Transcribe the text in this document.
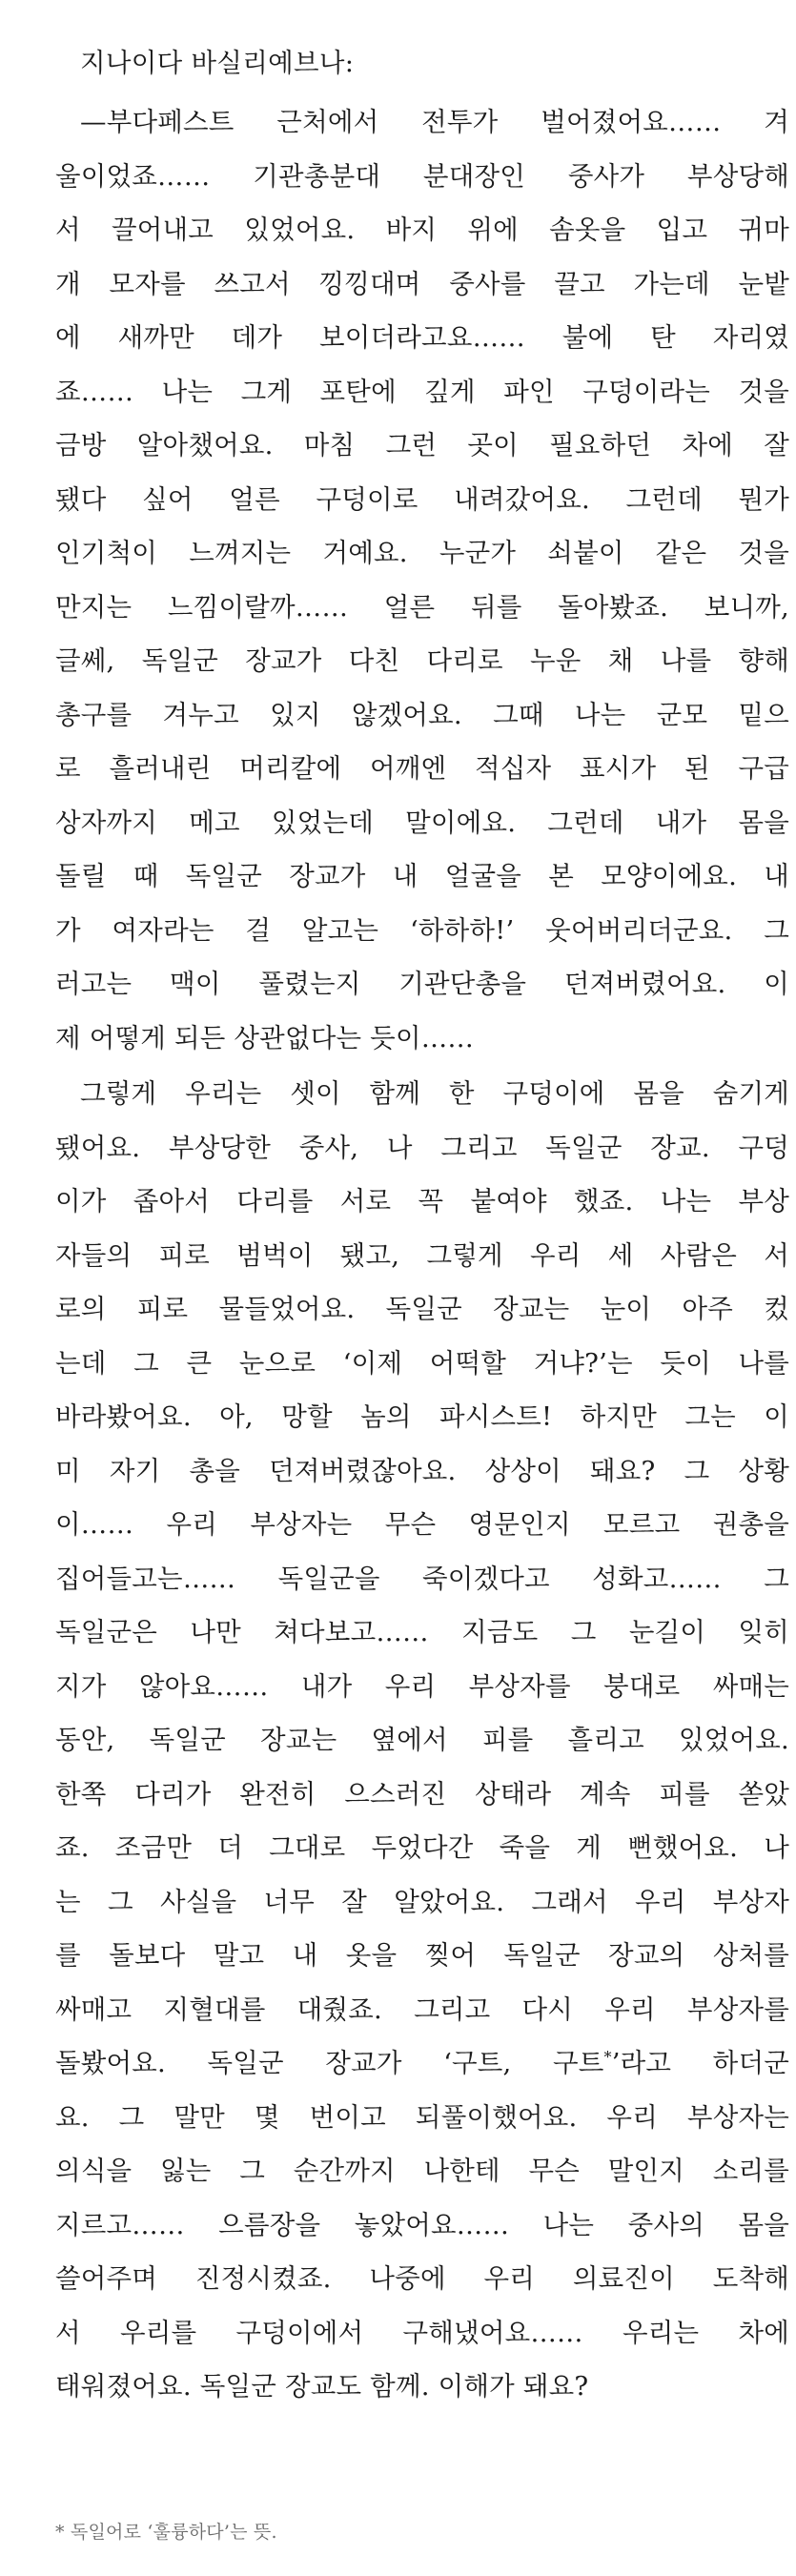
지나이다 바실리예브나:

—부다페스트 근처에서 전투가 벌어졌어요…… 겨
울이었죠…… 기관총분대 분대장인 중사가 부상당해
서 끌어내고 있었어요. 바지 위에 솜옷을 입고 귀마
개 모자를 쓰고서 낑낑대며 중사를 끌고 가는데 눈밭
에 새까만 데가 보이더라고요…… 불에 탄 자리였
죠…… 나는 그게 포탄에 깊게 파인 구덩이라는 것을
금방 알아챘어요. 마침 그런 곳이 필요하던 차에 잘
됐다 싶어 얼른 구덩이로 내려갔어요. 그런데 뭔가
인기척이 느껴지는 거예요. 누군가 쇠붙이 같은 것을
만지는 느낌이랄까…… 얼른 뒤를 돌아봤죠. 보니까,
글쎄, 독일군 장교가 다친 다리로 누운 채 나를 향해
총구를 겨누고 있지 않겠어요. 그때 나는 군모 밑으
로 흘러내린 머리칼에 어깨엔 적십자 표시가 된 구급
상자까지 메고 있었는데 말이에요. 그런데 내가 몸을
돌릴 때 독일군 장교가 내 얼굴을 본 모양이에요. 내
가 여자라는 걸 알고는 ‘하하하!’ 웃어버리더군요. 그
러고는 맥이 풀렸는지 기관단총을 던져버렸어요. 이
제 어떻게 되든 상관없다는 듯이……

그렇게 우리는 셋이 함께 한 구덩이에 몸을 숨기게
됐어요. 부상당한 중사, 나 그리고 독일군 장교. 구덩
이가 좁아서 다리를 서로 꼭 붙여야 했죠. 나는 부상
자들의 피로 범벅이 됐고, 그렇게 우리 세 사람은 서
로의 피로 물들었어요. 독일군 장교는 눈이 아주 컸
는데 그 큰 눈으로 ‘이제 어떡할 거냐?’는 듯이 나를
바라봤어요. 아, 망할 놈의 파시스트! 하지만 그는 이
미 자기 총을 던져버렸잖아요. 상상이 돼요? 그 상황
이…… 우리 부상자는 무슨 영문인지 모르고 권총을
집어들고는…… 독일군을 죽이겠다고 성화고…… 그
독일군은 나만 쳐다보고…… 지금도 그 눈길이 잊히
지가 않아요…… 내가 우리 부상자를 붕대로 싸매는
동안, 독일군 장교는 옆에서 피를 흘리고 있었어요.
한쪽 다리가 완전히 으스러진 상태라 계속 피를 쏟았
죠. 조금만 더 그대로 두었다간 죽을 게 뻔했어요. 나
는 그 사실을 너무 잘 알았어요. 그래서 우리 부상자
를 돌보다 말고 내 옷을 찢어 독일군 장교의 상처를
싸매고 지혈대를 대줬죠. 그리고 다시 우리 부상자를
돌봤어요. 독일군 장교가 ‘구트, 구트*’라고 하더군
요. 그 말만 몇 번이고 되풀이했어요. 우리 부상자는
의식을 잃는 그 순간까지 나한테 무슨 말인지 소리를
지르고…… 으름장을 놓았어요…… 나는 중사의 몸을
쓸어주며 진정시켰죠. 나중에 우리 의료진이 도착해
서 우리를 구덩이에서 구해냈어요…… 우리는 차에
태워졌어요. 독일군 장교도 함께. 이해가 돼요?

* 독일어로 ‘훌륭하다’는 뜻.
